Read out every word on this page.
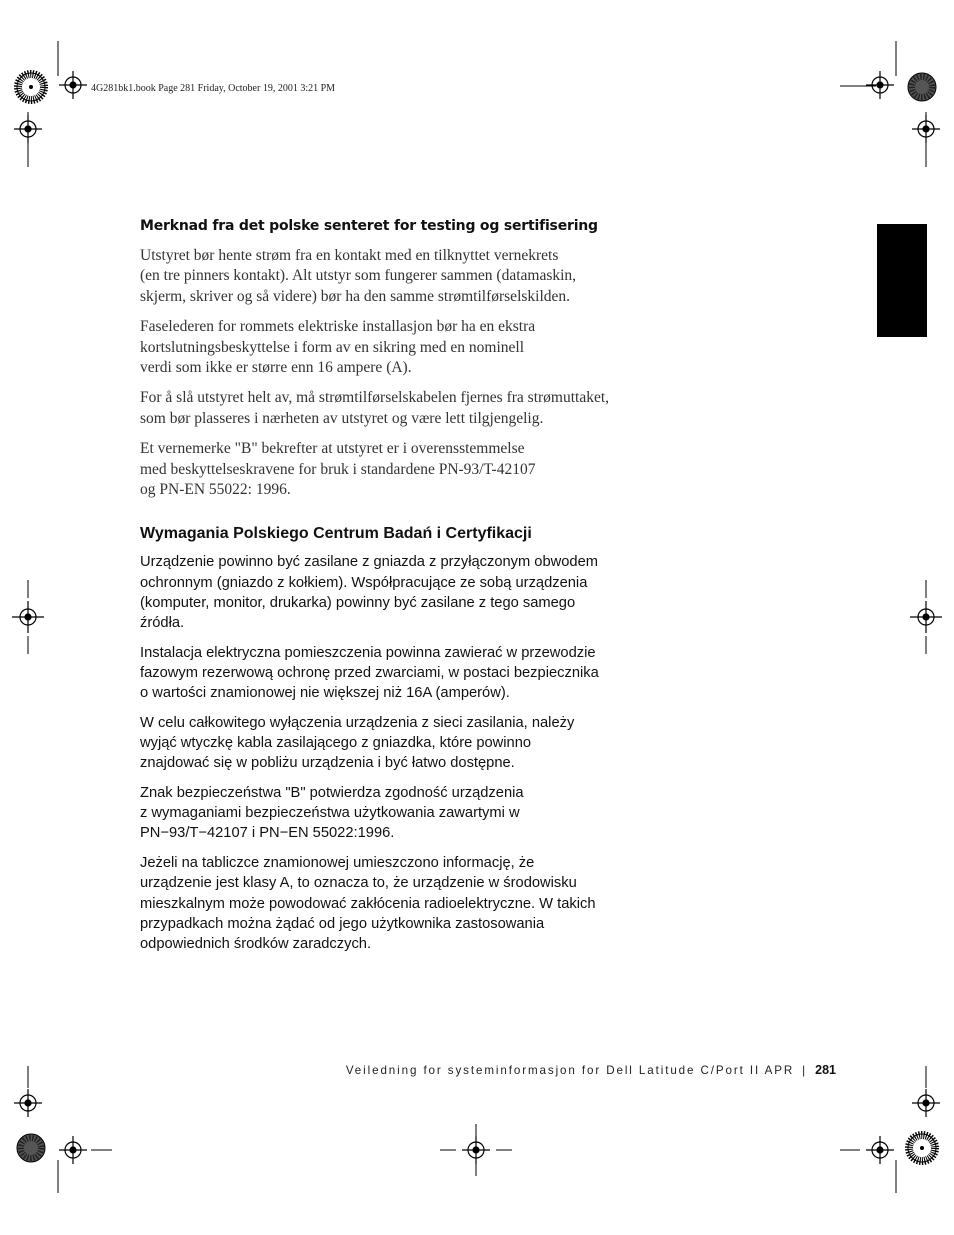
4G281bk1.book Page 281 Friday, October 19, 2001 3:21 PM
Merknad fra det polske senteret for testing og sertifisering

Utstyret bør hente strøm fra en kontakt med en tilknyttet vernekrets
(en tre pinners kontakt). Alt utstyr som fungerer sammen (datamaskin,
skjerm, skriver og så videre) bør ha den samme strømtilførselskilden.

Faselederen for rommets elektriske installasjon bør ha en ekstra
kortslutningsbeskyttelse i form av en sikring med en nominell
verdi som ikke er større enn 16 ampere (A).

For å slå utstyret helt av, må strømtilførselskabelen fjernes fra strømuttaket,
som bør plasseres i nærheten av utstyret og være lett tilgjengelig.

Et vernemerke "B" bekrefter at utstyret er i overensstemmelse
med beskyttelseskravene for bruk i standardene PN-93/T-42107
og PN-EN 55022: 1996.

Wymagania Polskiego Centrum Badań i Certyfikacji

Urządzenie powinno być zasilane z gniazda z przyłączonym obwodem
ochronnym (gniazdo z kołkiem). Współpracujące ze sobą urządzenia
(komputer, monitor, drukarka) powinny być zasilane z tego samego
źródła.

Instalacja elektryczna pomieszczenia powinna zawierać w przewodzie
fazowym rezerwową ochronę przed zwarciami, w postaci bezpiecznika
o wartości znamionowej nie większej niż 16A (amperów).

W celu całkowitego wyłączenia urządzenia z sieci zasilania, należy
wyjąć wtyczkę kabla zasilającego z gniazdka, które powinno
znajdować się w pobliżu urządzenia i być łatwo dostępne.

Znak bezpieczeństwa "B" potwierdza zgodność urządzenia
z wymaganiami bezpieczeństwa użytkowania zawartymi w
PN−93/T−42107 i PN−EN 55022:1996.

Jeżeli na tabliczce znamionowej umieszczono informację, że
urządzenie jest klasy A, to oznacza to, że urządzenie w środowisku
mieszkalnym może powodować zakłócenia radioelektryczne. W takich
przypadkach można żądać od jego użytkownika zastosowania
odpowiednich środków zaradczych.

Veiledning for systeminformasjon for Dell Latitude C/Port II APR | 281
